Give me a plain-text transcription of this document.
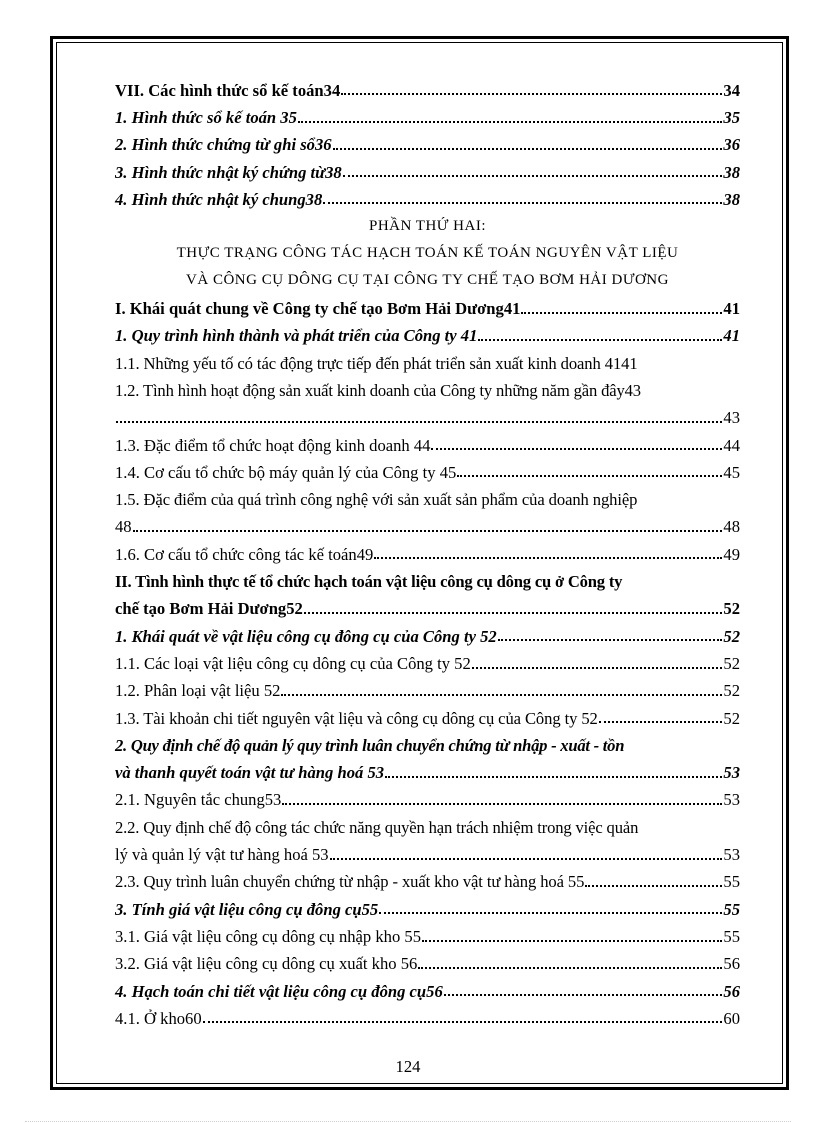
VII. Các hình thức sổ kế toán34	34
1. Hình thức sổ kế toán 35	35
2. Hình thức chứng từ ghi sổ36	36
3. Hình thức nhật ký chứng từ38	38
4. Hình thức nhật ký chung38	38
PHẦN THỨ HAI:
THỰC TRẠNG CÔNG TÁC HẠCH TOÁN KẾ TOÁN NGUYÊN VẬT LIỆU
VÀ CÔNG CỤ DÔNG CỤ TẠI CÔNG TY CHẾ TẠO BƠM HẢI DƯƠNG
I. Khái quát chung về Công ty chế tạo Bơm Hải Dương41	41
1. Quy trình hình thành và phát triển của Công ty 41	41
1.1. Những yếu tố có tác động trực tiếp đến phát triển sản xuất kinh doanh 4141
1.2. Tình hình hoạt động sản xuất kinh doanh của Công ty những năm gần đây43
43
1.3. Đặc điểm tổ chức hoạt động kinh doanh 44	44
1.4. Cơ cấu tổ chức bộ máy quản lý của Công ty 45	45
1.5. Đặc điểm của quá trình công nghệ với sản xuất sản phẩm của doanh nghiệp
48	48
1.6. Cơ cấu tổ chức công tác kế toán49	49
II. Tình hình thực tế tổ chức hạch toán vật liệu công cụ dông cụ ở Công ty
chế tạo Bơm Hải Dương52	52
1. Khái quát về vật liệu công cụ đông cụ của Công ty 52	52
1.1. Các loại vật liệu công cụ dông cụ của Công ty 52	52
1.2. Phân loại vật liệu 52	52
1.3. Tài khoản chi tiết nguyên vật liệu và công cụ dông cụ của Công ty 52	52
2. Quy định chế độ quản lý quy trình luân chuyển chứng từ nhập - xuất - tồn
và thanh quyết toán vật tư hàng hoá 53	53
2.1. Nguyên tắc chung53	53
2.2. Quy định chế độ công tác chức năng quyền hạn trách nhiệm trong việc quản
lý và quản lý vật tư hàng hoá 53	53
2.3. Quy trình luân chuyển chứng từ nhập - xuất kho vật tư hàng hoá 55	55
3. Tính giá vật liệu công cụ đông cụ55	55
3.1. Giá vật liệu công cụ dông cụ nhập kho 55	55
3.2. Giá vật liệu công cụ dông cụ xuất kho 56	56
4. Hạch toán chi tiết vật liệu công cụ đông cụ56	56
4.1. Ở kho60	60
124
